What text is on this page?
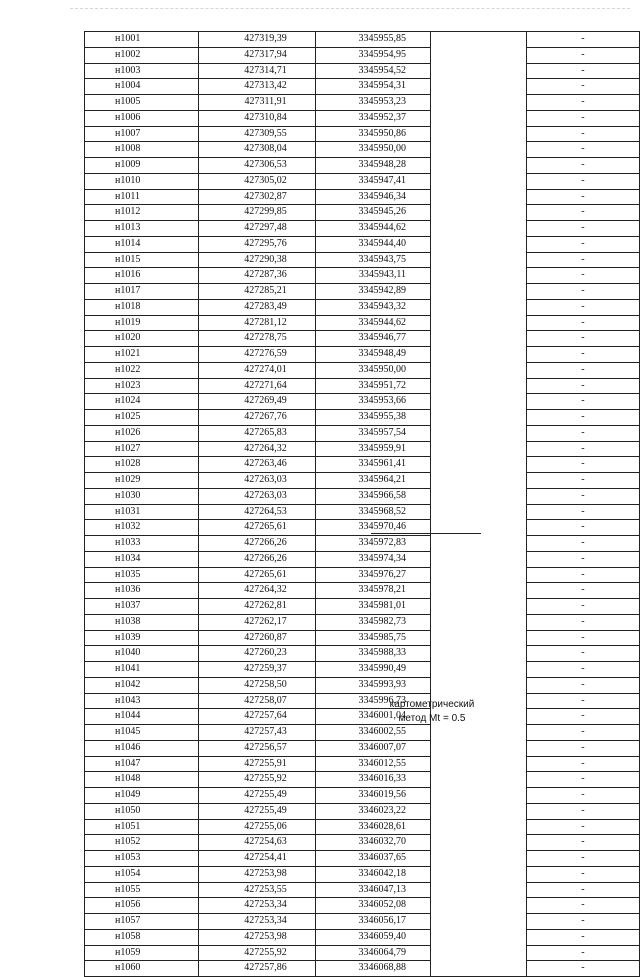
н1001	427319,39	3345955,85		-
н1002	427317,94	3345954,95		-
н1003	427314,71	3345954,52		-
н1004	427313,42	3345954,31		-
н1005	427311,91	3345953,23		-
н1006	427310,84	3345952,37		-
н1007	427309,55	3345950,86		-
н1008	427308,04	3345950,00		-
н1009	427306,53	3345948,28		-
н1010	427305,02	3345947,41		-
н1011	427302,87	3345946,34		-
н1012	427299,85	3345945,26		-
н1013	427297,48	3345944,62		-
н1014	427295,76	3345944,40		-
н1015	427290,38	3345943,75		-
н1016	427287,36	3345943,11		-
н1017	427285,21	3345942,89		-
н1018	427283,49	3345943,32		-
н1019	427281,12	3345944,62		-
н1020	427278,75	3345946,77		-
н1021	427276,59	3345948,49		-
н1022	427274,01	3345950,00		-
н1023	427271,64	3345951,72		-
н1024	427269,49	3345953,66		-
н1025	427267,76	3345955,38		-
н1026	427265,83	3345957,54		-
н1027	427264,32	3345959,91		-
н1028	427263,46	3345961,41		-
н1029	427263,03	3345964,21		-
н1030	427263,03	3345966,58		-
н1031	427264,53	3345968,52		-
н1032	427265,61	3345970,46		-
н1033	427266,26	3345972,83		-
н1034	427266,26	3345974,34		-
н1035	427265,61	3345976,27		-
н1036	427264,32	3345978,21		-
н1037	427262,81	3345981,01		-
н1038	427262,17	3345982,73		-
н1039	427260,87	3345985,75		-
н1040	427260,23	3345988,33		-
н1041	427259,37	3345990,49		-
н1042	427258,50	3345993,93		-
н1043	427258,07	3345996,73		-
н1044	427257,64	3346001,04		-
н1045	427257,43	3346002,55		-
н1046	427256,57	3346007,07		-
н1047	427255,91	3346012,55		-
н1048	427255,92	3346016,33		-
н1049	427255,49	3346019,56		-
н1050	427255,49	3346023,22		-
н1051	427255,06	3346028,61		-
н1052	427254,63	3346032,70		-
н1053	427254,41	3346037,65		-
н1054	427253,98	3346042,18		-
н1055	427253,55	3346047,13		-
н1056	427253,34	3346052,08		-
н1057	427253,34	3346056,17		-
н1058	427253,98	3346059,40		-
н1059	427255,92	3346064,79		-
н1060	427257,86	3346068,88		-
картометрический
метод Mt = 0.5
